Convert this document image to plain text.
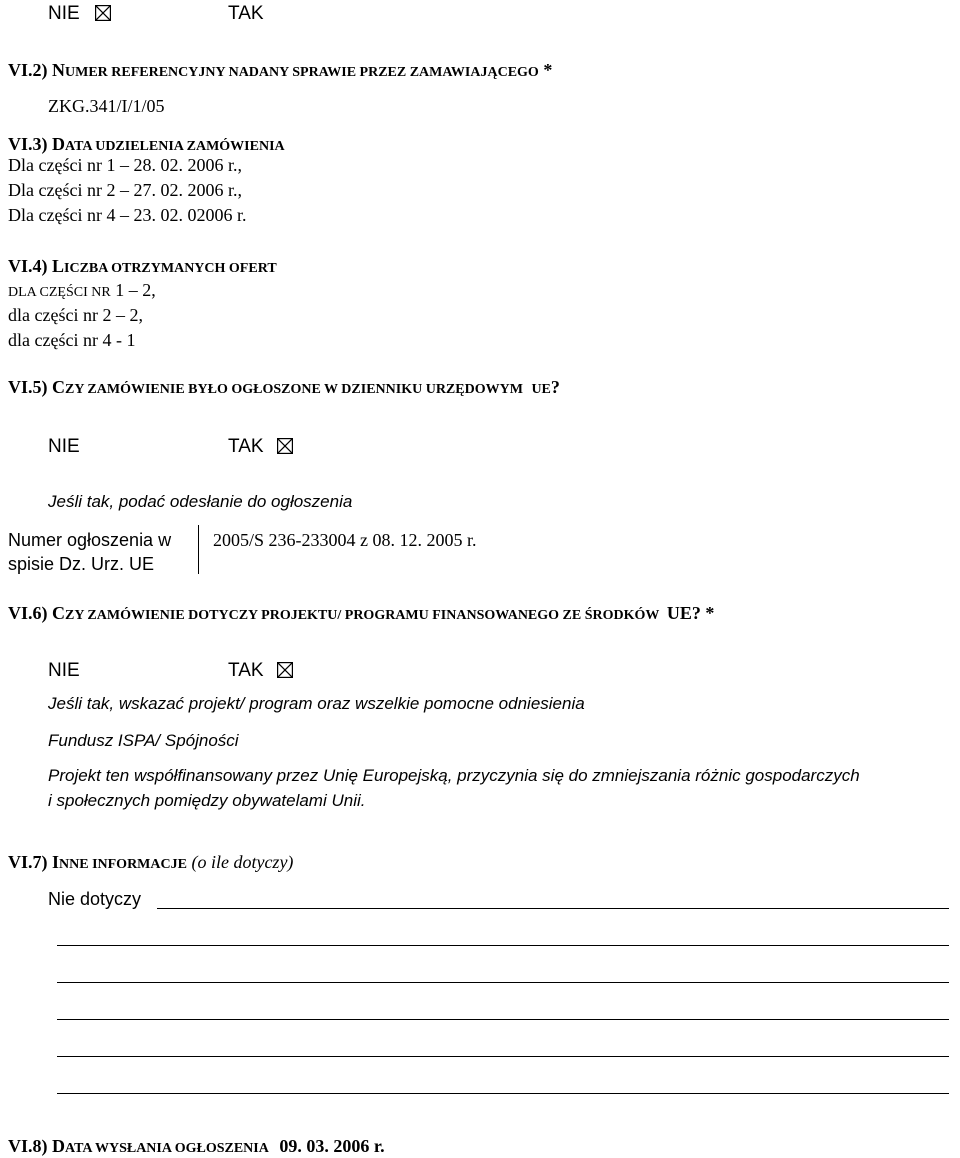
NIE	TAK
VI.2) NUMER REFERENCYJNY NADANY SPRAWIE PRZEZ ZAMAWIAJĄCEGO *
ZKG.341/I/1/05
VI.3) DATA UDZIELENIA ZAMÓWIENIA
Dla części nr 1 – 28. 02. 2006 r.,
Dla części nr 2 – 27. 02. 2006 r.,
Dla części nr 4 – 23. 02. 02006 r.
VI.4) LICZBA OTRZYMANYCH OFERT
DLA CZĘŚCI NR 1 – 2,
dla części nr 2 – 2,
dla części nr 4 - 1
VI.5) CZY ZAMÓWIENIE BYŁO OGŁOSZONE W DZIENNIKU URZĘDOWYM UE?
NIE	TAK
Jeśli tak, podać odesłanie do ogłoszenia
Numer ogłoszenia w
spisie Dz. Urz. UE
2005/S 236-233004 z 08. 12. 2005 r.
VI.6) CZY ZAMÓWIENIE DOTYCZY PROJEKTU/ PROGRAMU FINANSOWANEGO ZE ŚRODKÓW UE? *
NIE	TAK
Jeśli tak, wskazać projekt/ program oraz wszelkie pomocne odniesienia
Fundusz ISPA/ Spójności
Projekt ten współfinansowany przez Unię Europejską, przyczynia się do zmniejszania różnic gospodarczych
i społecznych pomiędzy obywatelami Unii.
VI.7) INNE INFORMACJE (o ile dotyczy)
Nie dotyczy
VI.8) DATA WYSŁANIA OGŁOSZENIA 09. 03. 2006 r.
